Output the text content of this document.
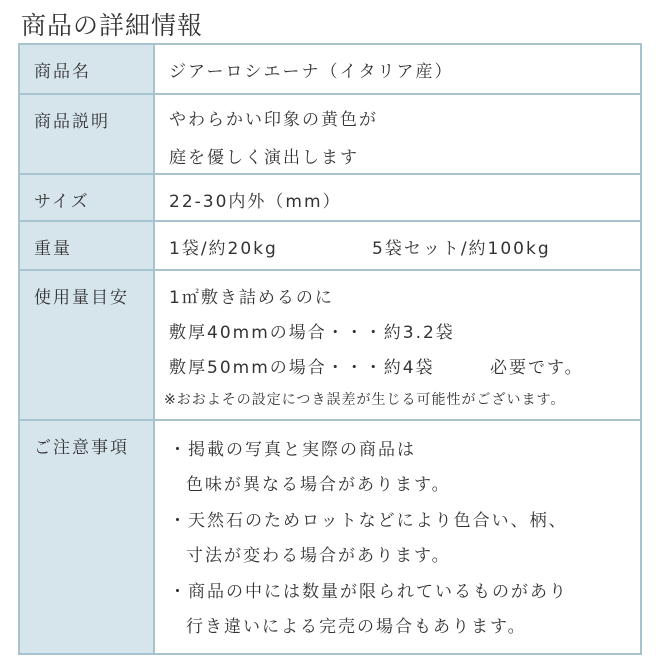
商品の詳細情報
商品名	ジアーロシエーナ（イタリア産）
商品説明	やわらかい印象の黄色が
庭を優しく演出します
サイズ	22-30内外（mm）
重量	1袋/約20kg	5袋セット/約100kg
使用量目安 1㎡敷き詰めるのに
敷厚40mmの場合・・・約3.2袋
敷厚50mmの場合・・・約4袋	必要です。
※おおよその設定につき誤差が生じる可能性がございます。
ご注意事項 ・掲載の写真と実際の商品は
色味が異なる場合があります。
・天然石のためロットなどにより色合い、柄、
寸法が変わる場合があります。
・商品の中には数量が限られているものがあり
行き違いによる完売の場合もあります。
